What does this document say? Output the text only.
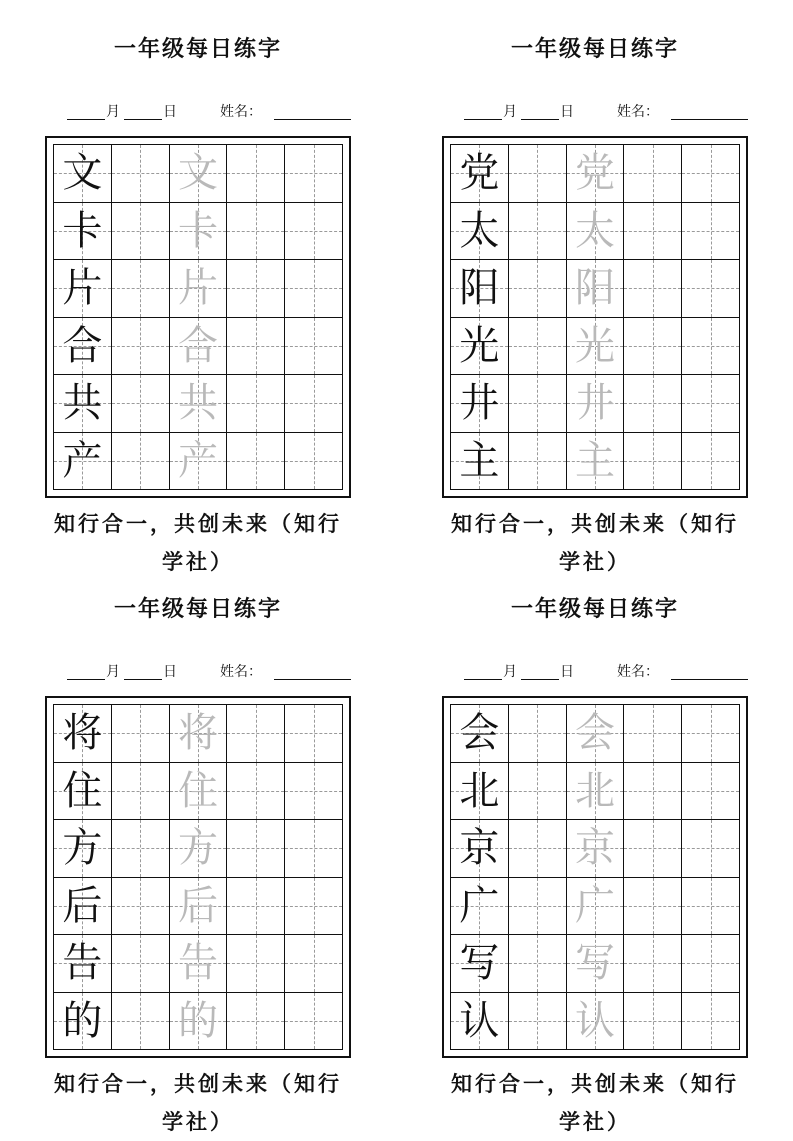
一年级每日练字
月	日	姓名：
文 文
卡 卡
片 片
合 合
共 共
产 产
知行合一，共创未来（知行学社）
一年级每日练字
月	日	姓名：
党 党
太 太
阳 阳
光 光
井 井
主 主
知行合一，共创未来（知行学社）
一年级每日练字
月	日	姓名：
将 将
住 住
方 方
后 后
告 告
的 的
知行合一，共创未来（知行学社）
一年级每日练字
月	日	姓名：
会 会
北 北
京 京
广 广
写 写
认 认
知行合一，共创未来（知行学社）
